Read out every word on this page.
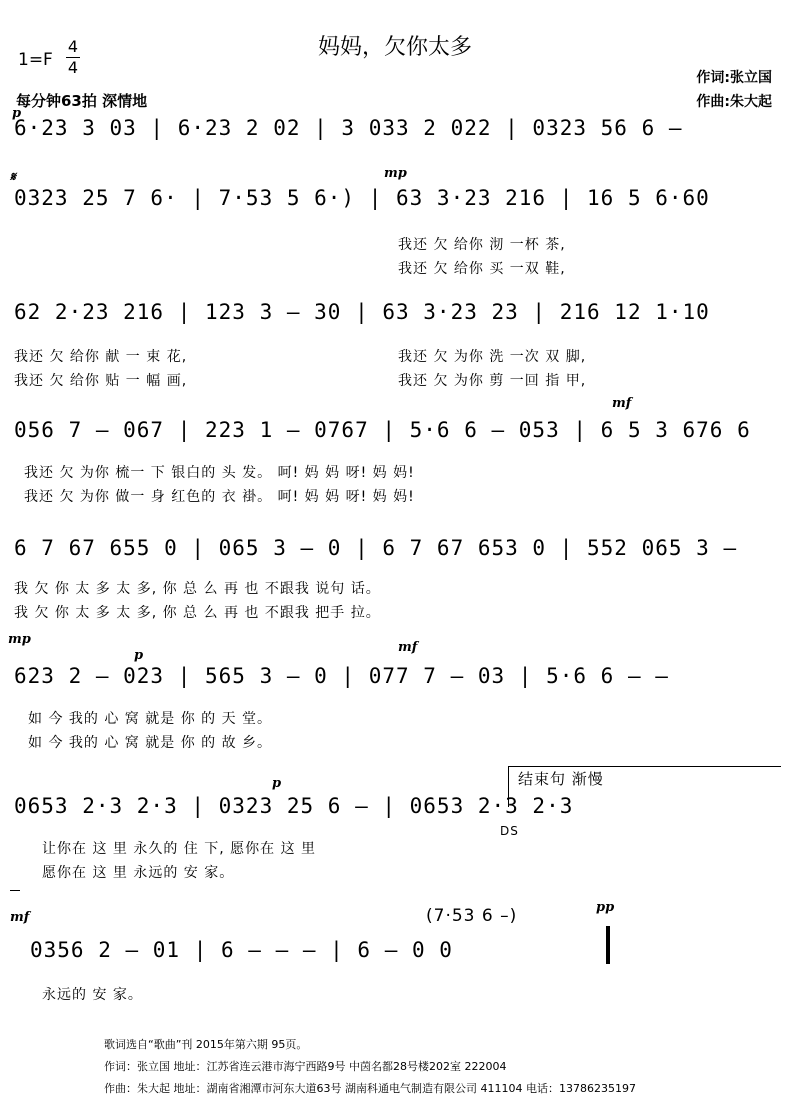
妈妈，欠你太多
1=F
4
4
每分钟63拍 深情地
作词:张立国
作曲:朱大起
p
6·23 3 03 | 6·23 2 02 | 3 033 2 022 | 0323 56 6 –
𝄋	mp
0323 25 7 6· | 7·53 5 6·) | 63 3·23 216 | 16 5 6·60
我还 欠 给你 沏 一杯 茶,
我还 欠 给你 买 一双 鞋,
62 2·23 216 | 123 3 – 30 | 63 3·23 23 | 216 12 1·10
我还 欠 给你 献 一 束 花,	我还 欠 为你 洗 一次 双 脚,
我还 欠 给你 贴 一 幅 画,	我还 欠 为你 剪 一回 指 甲,
mf
056 7 – 067 | 223 1 – 0767 | 5·6 6 – 053 | 6 5 3 676 6
我还 欠 为你 梳一 下 银白的 头 发。 呵! 妈 妈 呀! 妈 妈!
我还 欠 为你 做一 身 红色的 衣 褂。 呵! 妈 妈 呀! 妈 妈!
6 7 67 655 0 | 065 3 – 0 | 6 7 67 653 0 | 552 065 3 –
我 欠 你 太 多 太 多, 你 总 么 再 也 不跟我 说句 话。
我 欠 你 太 多 太 多, 你 总 么 再 也 不跟我 把手 拉。
mp
p
mf
623 2 – 023 | 565 3 – 0 | 077 7 – 03 | 5·6 6 – –
如 今 我的 心 窝 就是 你 的 天 堂。
如 今 我的 心 窝 就是 你 的 故 乡。
结束句 渐慢
p
0653 2·3 2·3 | 0323 25 6 – | 0653 2·3 2·3
DS
让你在 这 里 永久的 住 下, 愿你在 这 里
愿你在 这 里 永远的 安 家。
(7·53 6 –)
mf
pp
0356 2 – 01 | 6 – – – | 6 – 0 0
永远的 安 家。
歌词选自“歌曲”刊 2015年第六期 95页。
作词：张立国 地址：江苏省连云港市海宁西路9号 中茵名都28号楼202室 222004
作曲：朱大起 地址：湖南省湘潭市河东大道63号 湖南科通电气制造有限公司 411104 电话：13786235197
